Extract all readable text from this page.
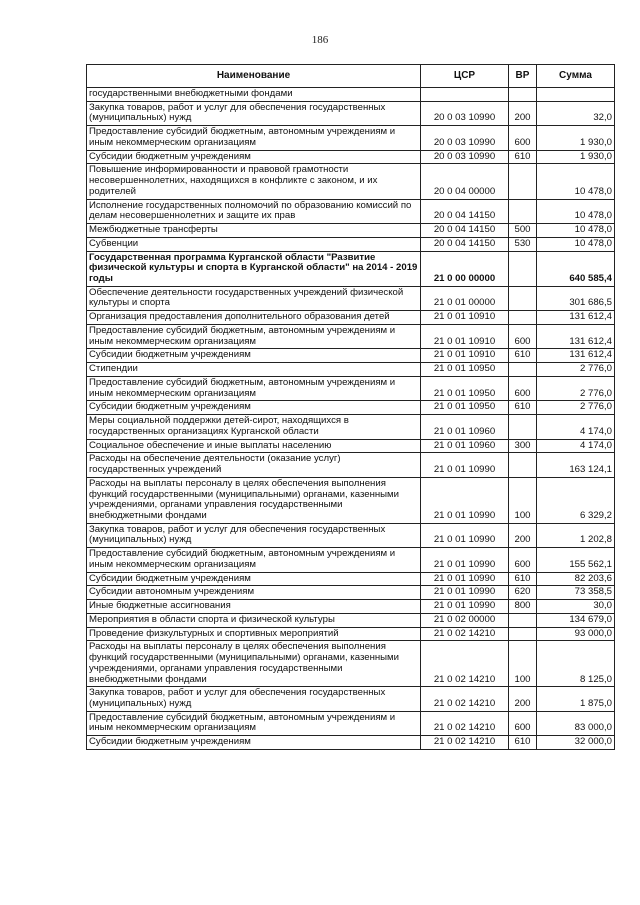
186
Наименование	ЦСР	ВР	Сумма
государственными внебюджетными фондами			
Закупка товаров, работ и услуг для обеспечения государственных (муниципальных) нужд	20 0 03 10990	200	32,0
Предоставление субсидий бюджетным, автономным учреждениям и иным некоммерческим организациям	20 0 03 10990	600	1 930,0
Субсидии бюджетным учреждениям	20 0 03 10990	610	1 930,0
Повышение информированности и правовой грамотности несовершеннолетних, находящихся в конфликте с законом, и их родителей	20 0 04 00000		10 478,0
Исполнение государственных полномочий по образованию комиссий по делам несовершеннолетних и защите их прав	20 0 04 14150		10 478,0
Межбюджетные трансферты	20 0 04 14150	500	10 478,0
Субвенции	20 0 04 14150	530	10 478,0
Государственная программа Курганской области "Развитие физической культуры и спорта в Курганской области" на 2014 - 2019 годы	21 0 00 00000		640 585,4
Обеспечение деятельности государственных учреждений физической культуры и спорта	21 0 01 00000		301 686,5
Организация предоставления дополнительного образования детей	21 0 01 10910		131 612,4
Предоставление субсидий бюджетным, автономным учреждениям и иным некоммерческим организациям	21 0 01 10910	600	131 612,4
Субсидии бюджетным учреждениям	21 0 01 10910	610	131 612,4
Стипендии	21 0 01 10950		2 776,0
Предоставление субсидий бюджетным, автономным учреждениям и иным некоммерческим организациям	21 0 01 10950	600	2 776,0
Субсидии бюджетным учреждениям	21 0 01 10950	610	2 776,0
Меры социальной поддержки детей-сирот, находящихся в государственных организациях Курганской области	21 0 01 10960		4 174,0
Социальное обеспечение и иные выплаты населению	21 0 01 10960	300	4 174,0
Расходы на обеспечение деятельности (оказание услуг) государственных учреждений	21 0 01 10990		163 124,1
Расходы на выплаты персоналу в целях обеспечения выполнения функций государственными (муниципальными) органами, казенными учреждениями, органами управления государственными внебюджетными фондами	21 0 01 10990	100	6 329,2
Закупка товаров, работ и услуг для обеспечения государственных (муниципальных) нужд	21 0 01 10990	200	1 202,8
Предоставление субсидий бюджетным, автономным учреждениям и иным некоммерческим организациям	21 0 01 10990	600	155 562,1
Субсидии бюджетным учреждениям	21 0 01 10990	610	82 203,6
Субсидии автономным учреждениям	21 0 01 10990	620	73 358,5
Иные бюджетные ассигнования	21 0 01 10990	800	30,0
Мероприятия в области спорта и физической культуры	21 0 02 00000		134 679,0
Проведение физкультурных и спортивных мероприятий	21 0 02 14210		93 000,0
Расходы на выплаты персоналу в целях обеспечения выполнения функций государственными (муниципальными) органами, казенными учреждениями, органами управления государственными внебюджетными фондами	21 0 02 14210	100	8 125,0
Закупка товаров, работ и услуг для обеспечения государственных (муниципальных) нужд	21 0 02 14210	200	1 875,0
Предоставление субсидий бюджетным, автономным учреждениям и иным некоммерческим организациям	21 0 02 14210	600	83 000,0
Субсидии бюджетным учреждениям	21 0 02 14210	610	32 000,0
